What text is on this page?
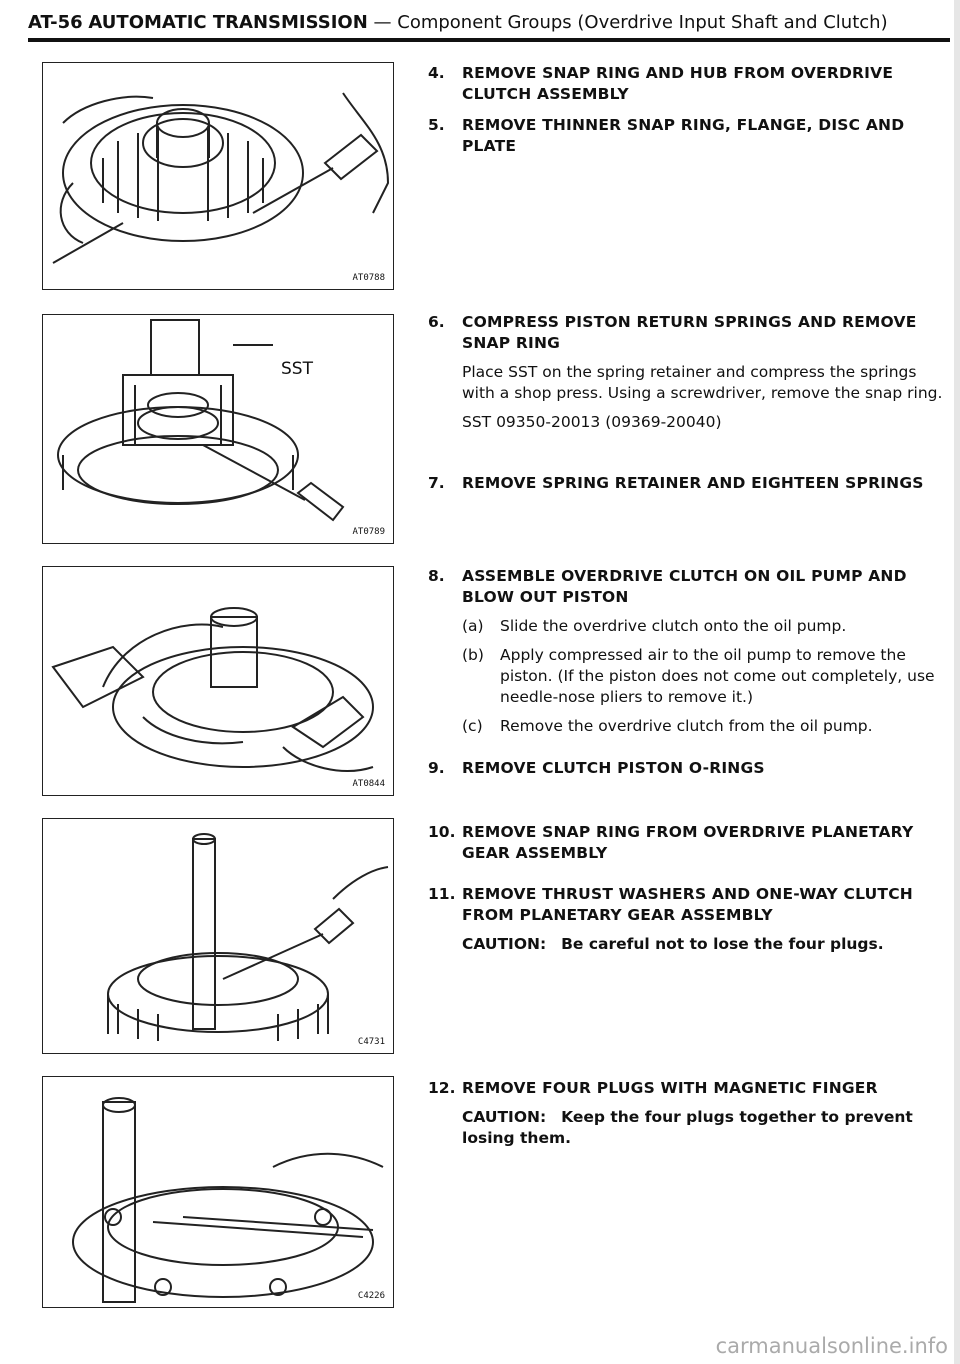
AT-56 AUTOMATIC TRANSMISSION — Component Groups (Overdrive Input Shaft and Clutch)
AT0788
SST
AT0789
AT0844
C4731
C4226
4. REMOVE SNAP RING AND HUB FROM OVERDRIVE CLUTCH ASSEMBLY
5. REMOVE THINNER SNAP RING, FLANGE, DISC AND PLATE
6. COMPRESS PISTON RETURN SPRINGS AND REMOVE SNAP RING
Place SST on the spring retainer and compress the springs with a shop press. Using a screwdriver, remove the snap ring.
SST 09350-20013 (09369-20040)
7. REMOVE SPRING RETAINER AND EIGHTEEN SPRINGS
8. ASSEMBLE OVERDRIVE CLUTCH ON OIL PUMP AND BLOW OUT PISTON
(a) Slide the overdrive clutch onto the oil pump.
(b) Apply compressed air to the oil pump to remove the piston. (If the piston does not come out completely, use needle-nose pliers to remove it.)
(c) Remove the overdrive clutch from the oil pump.
9. REMOVE CLUTCH PISTON O-RINGS
10. REMOVE SNAP RING FROM OVERDRIVE PLANETARY GEAR ASSEMBLY
11. REMOVE THRUST WASHERS AND ONE-WAY CLUTCH FROM PLANETARY GEAR ASSEMBLY
CAUTION: Be careful not to lose the four plugs.
12. REMOVE FOUR PLUGS WITH MAGNETIC FINGER
CAUTION: Keep the four plugs together to prevent losing them.
carmanualsonline.info
